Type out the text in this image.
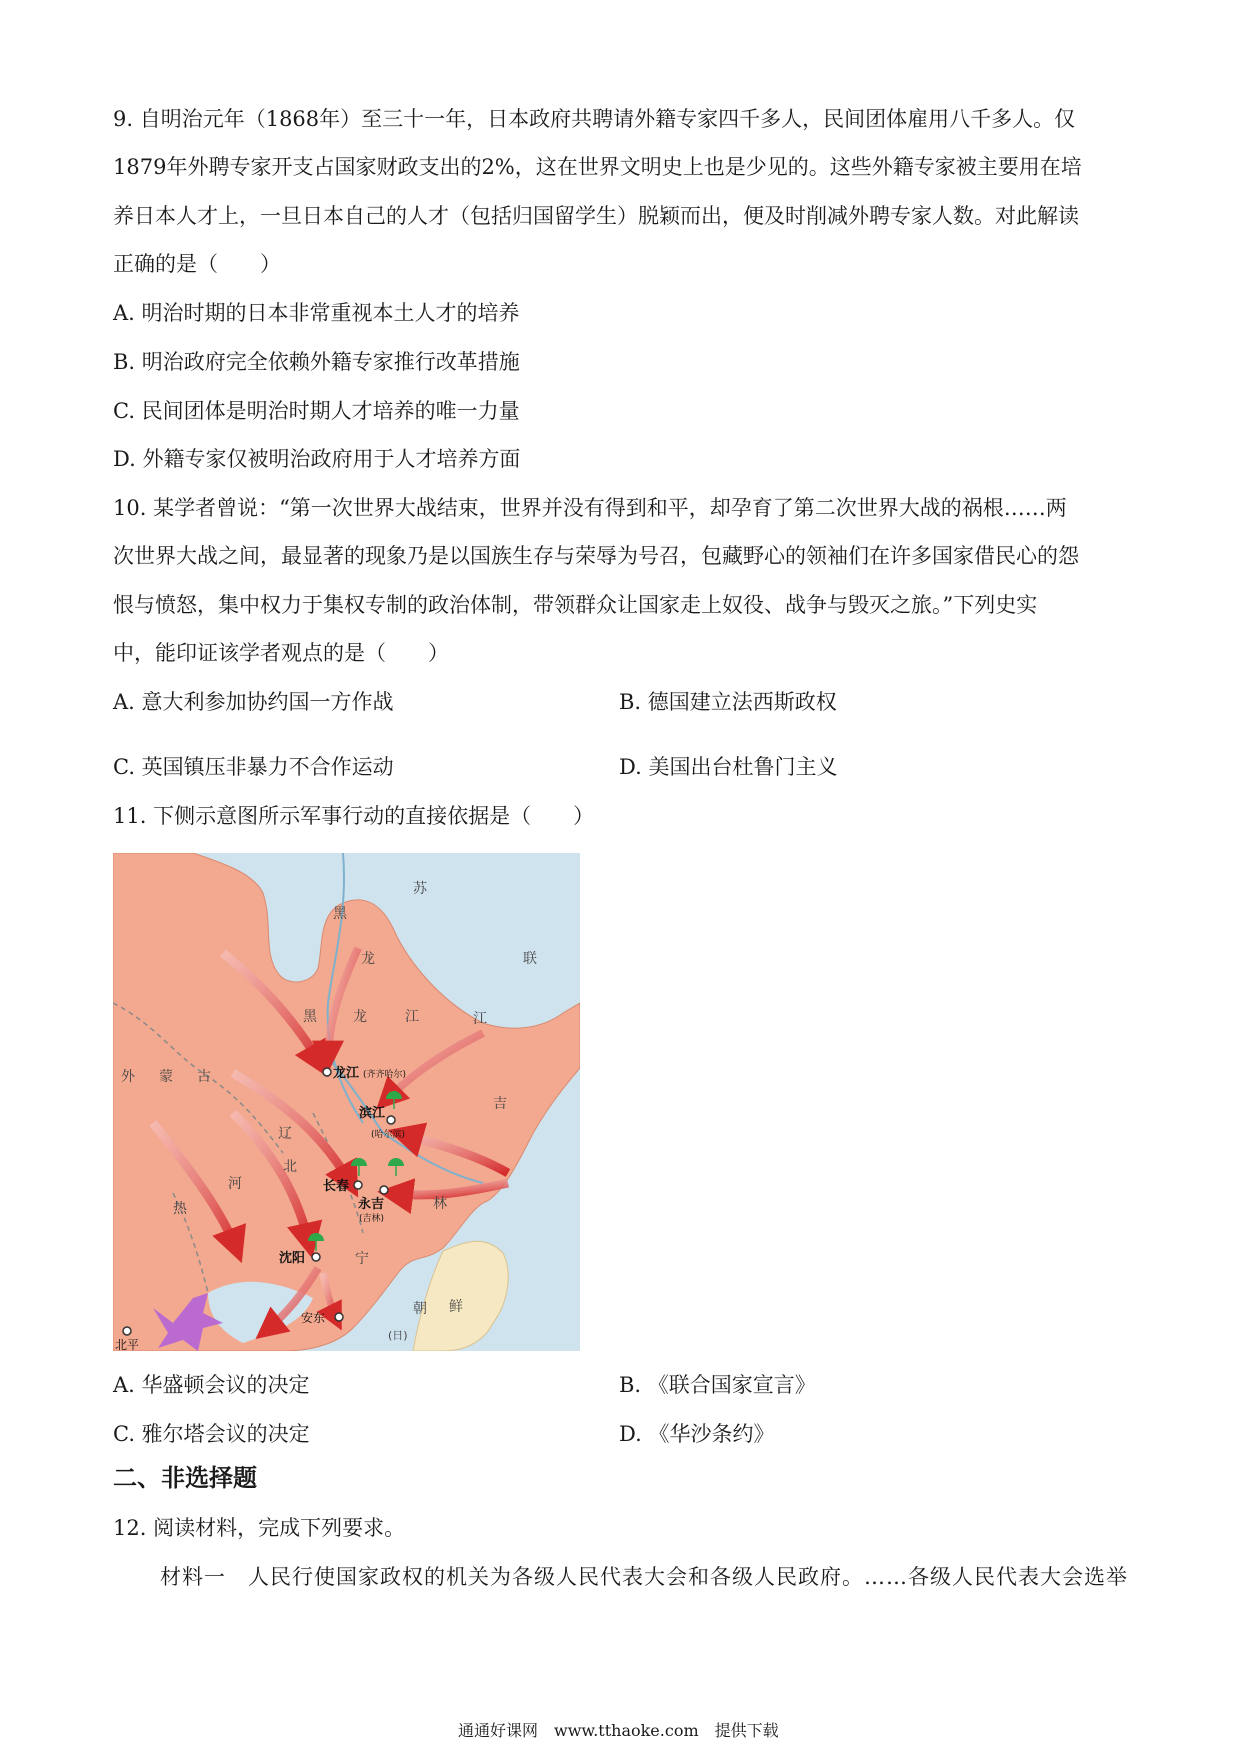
9. 自明治元年（1868年）至三十一年，日本政府共聘请外籍专家四千多人，民间团体雇用八千多人。仅
1879年外聘专家开支占国家财政支出的2%，这在世界文明史上也是少见的。这些外籍专家被主要用在培
养日本人才上，一旦日本自己的人才（包括归国留学生）脱颖而出，便及时削减外聘专家人数。对此解读
正确的是（　　）
A. 明治时期的日本非常重视本土人才的培养
B. 明治政府完全依赖外籍专家推行改革措施
C. 民间团体是明治时期人才培养的唯一力量
D. 外籍专家仅被明治政府用于人才培养方面
10. 某学者曾说：“第一次世界大战结束，世界并没有得到和平，却孕育了第二次世界大战的祸根……两
次世界大战之间，最显著的现象乃是以国族生存与荣辱为号召，包藏野心的领袖们在许多国家借民心的怨
恨与愤怒，集中权力于集权专制的政治体制，带领群众让国家走上奴役、战争与毁灭之旅。”下列史实
中，能印证该学者观点的是（　　）
A. 意大利参加协约国一方作战	B. 德国建立法西斯政权
C. 英国镇压非暴力不合作运动	D. 美国出台杜鲁门主义
11. 下侧示意图所示军事行动的直接依据是（　　）
苏
联
黑
龙
黑	龙	江	江
外 蒙 古
吉
辽
北
热
河
林
宁
朝 鲜
(日)
龙江 (齐齐哈尔)
滨江
(哈尔滨)
长春
永吉
(吉林)
沈阳
安东
北平
A. 华盛顿会议的决定	B. 《联合国家宣言》
C. 雅尔塔会议的决定	D. 《华沙条约》
二、非选择题
12. 阅读材料，完成下列要求。
材料一　人民行使国家政权的机关为各级人民代表大会和各级人民政府。……各级人民代表大会选举
通通好课网　www.tthaoke.com　提供下载
